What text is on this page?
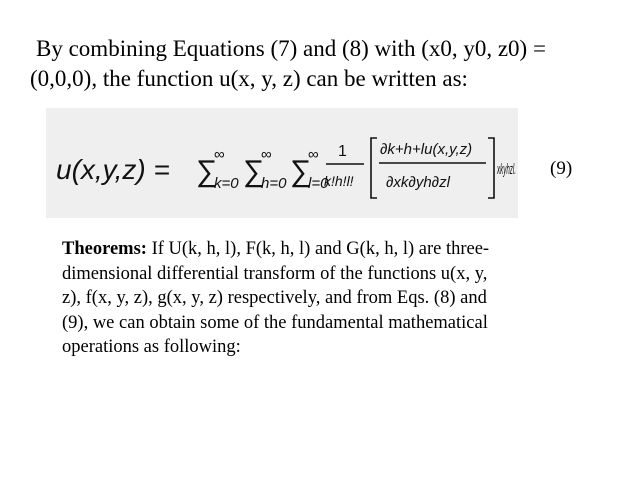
By combining Equations (7) and (8) with (x0, y0, z0) =
(0,0,0), the function u(x, y, z) can be written as:
u(x,y,z) = ∑
∞
k=0 ∑
∞
h=0 ∑
∞
l=0
1
k!h!l!
∂k+h+lu(x,y,z)
∂xk∂yh∂zl
xkyhzl. (9)
Theorems: If U(k, h, l), F(k, h, l) and G(k, h, l) are three-
dimensional differential transform of the functions u(x, y,
z), f(x, y, z), g(x, y, z) respectively, and from Eqs. (8) and
(9), we can obtain some of the fundamental mathematical
operations as following:
